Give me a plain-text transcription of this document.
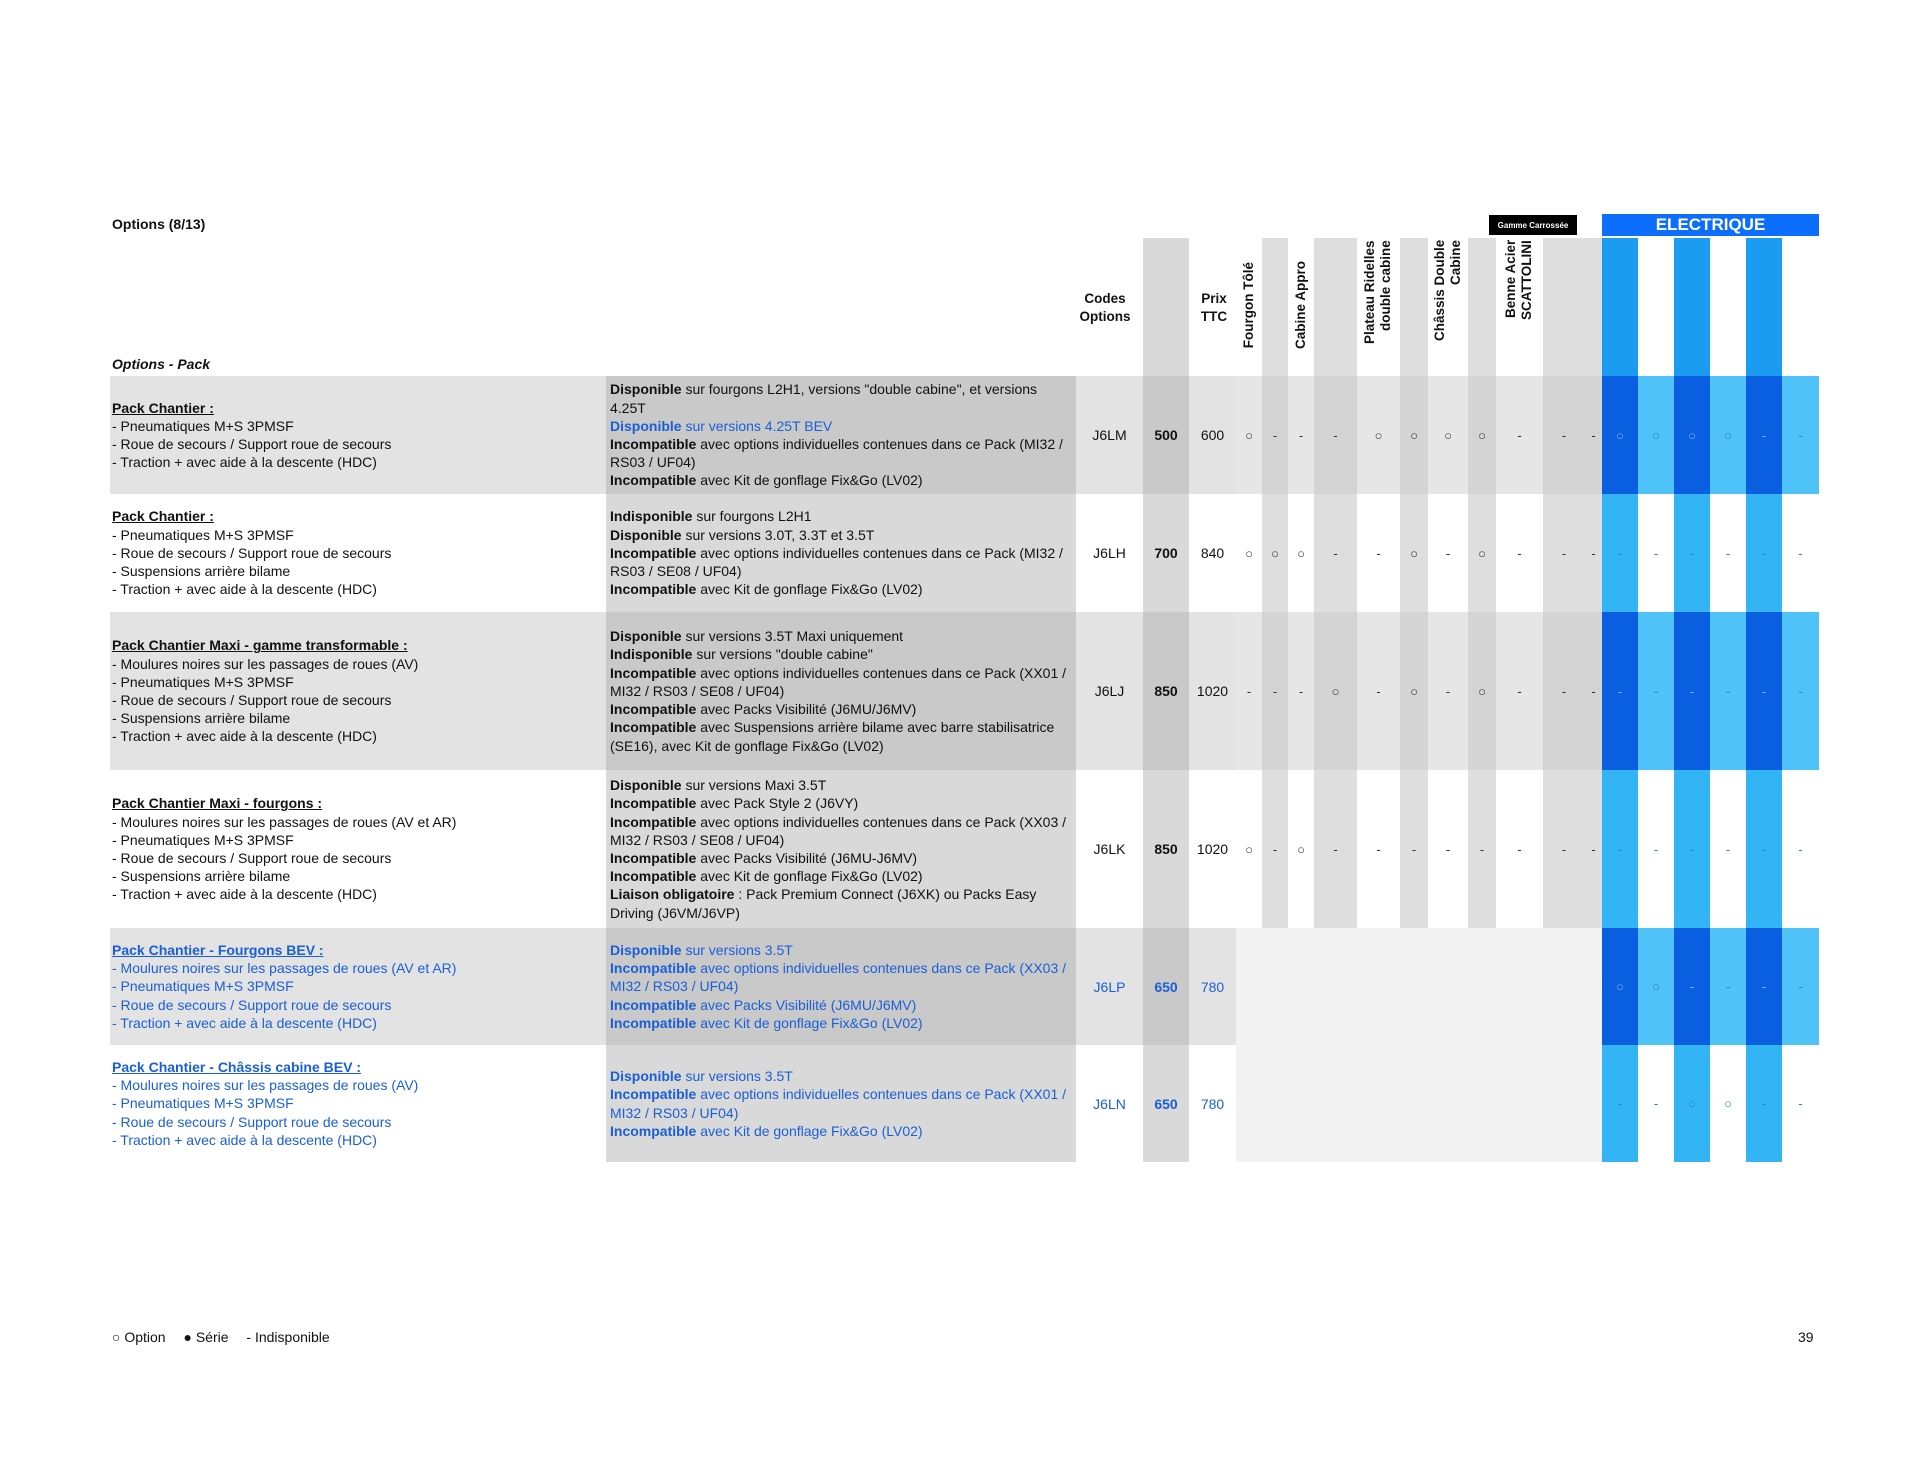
Options (8/13)
Options - Pack
Gamme Carrossée	ELECTRIQUE
Codes Options
Prix TTC	Fourgon Tôlé	Cabine Appro	Plateau Ridelles double cabine	Châssis Double Cabine	Benne Acier SCATTOLINI
Pack Chantier :
- Pneumatiques M+S 3PMSF
- Roue de secours / Support roue de secours
- Traction + avec aide à la descente (HDC)
Disponible sur fourgons L2H1, versions "double cabine", et versions 4.25T
Disponible sur versions 4.25T BEV
Incompatible avec options individuelles contenues dans ce Pack (MI32 / RS03 / UF04)
Incompatible avec Kit de gonflage Fix&Go (LV02)
J6LM	500	600	○	-	-	-	○	○	○	○	-	-	-	○	○	○	○	-	-
Pack Chantier :
- Pneumatiques M+S 3PMSF
- Roue de secours / Support roue de secours
- Suspensions arrière bilame
- Traction + avec aide à la descente (HDC)
Indisponible sur fourgons L2H1
Disponible sur versions 3.0T, 3.3T et 3.5T
Incompatible avec options individuelles contenues dans ce Pack (MI32 / RS03 / SE08 / UF04)
Incompatible avec Kit de gonflage Fix&Go (LV02)
J6LH	700	840	○	○	○	-	-	○	-	○	-	-	-	-	-	-	-	-	-
Pack Chantier Maxi - gamme transformable :
- Moulures noires sur les passages de roues (AV)
- Pneumatiques M+S 3PMSF
- Roue de secours / Support roue de secours
- Suspensions arrière bilame
- Traction + avec aide à la descente (HDC)
Disponible sur versions 3.5T Maxi uniquement
Indisponible sur versions "double cabine"
Incompatible avec options individuelles contenues dans ce Pack (XX01 / MI32 / RS03 / SE08 / UF04)
Incompatible avec Packs Visibilité (J6MU/J6MV)
Incompatible avec Suspensions arrière bilame avec barre stabilisatrice (SE16), avec Kit de gonflage Fix&Go (LV02)
J6LJ	850	1020	-	-	-	○	-	○	-	○	-	-	-	-	-	-	-	-	-
Pack Chantier Maxi - fourgons :
- Moulures noires sur les passages de roues (AV et AR)
- Pneumatiques M+S 3PMSF
- Roue de secours / Support roue de secours
- Suspensions arrière bilame
- Traction + avec aide à la descente (HDC)
Disponible sur versions Maxi 3.5T
Incompatible avec Pack Style 2 (J6VY)
Incompatible avec options individuelles contenues dans ce Pack (XX03 / MI32 / RS03 / SE08 / UF04)
Incompatible avec Packs Visibilité (J6MU-J6MV)
Incompatible avec Kit de gonflage Fix&Go (LV02)
Liaison obligatoire : Pack Premium Connect (J6XK) ou Packs Easy Driving (J6VM/J6VP)
J6LK	850	1020	○	-	○	-	-	-	-	-	-	-	-	-	-	-	-	-	-
Pack Chantier - Fourgons BEV :
- Moulures noires sur les passages de roues (AV et AR)
- Pneumatiques M+S 3PMSF
- Roue de secours / Support roue de secours
- Traction + avec aide à la descente (HDC)
Disponible sur versions 3.5T
Incompatible avec options individuelles contenues dans ce Pack (XX03 / MI32 / RS03 / UF04)
Incompatible avec Packs Visibilité (J6MU/J6MV)
Incompatible avec Kit de gonflage Fix&Go (LV02)
J6LP	650	780	○	○	-	-	-	-
Pack Chantier - Châssis cabine BEV :
- Moulures noires sur les passages de roues (AV)
- Pneumatiques M+S 3PMSF
- Roue de secours / Support roue de secours
- Traction + avec aide à la descente (HDC)
Disponible sur versions 3.5T
Incompatible avec options individuelles contenues dans ce Pack (XX01 / MI32 / RS03 / UF04)
Incompatible avec Kit de gonflage Fix&Go (LV02)
J6LN	650	780	-	-	○	○	-	-
○ Option ● Série - Indisponible	39
